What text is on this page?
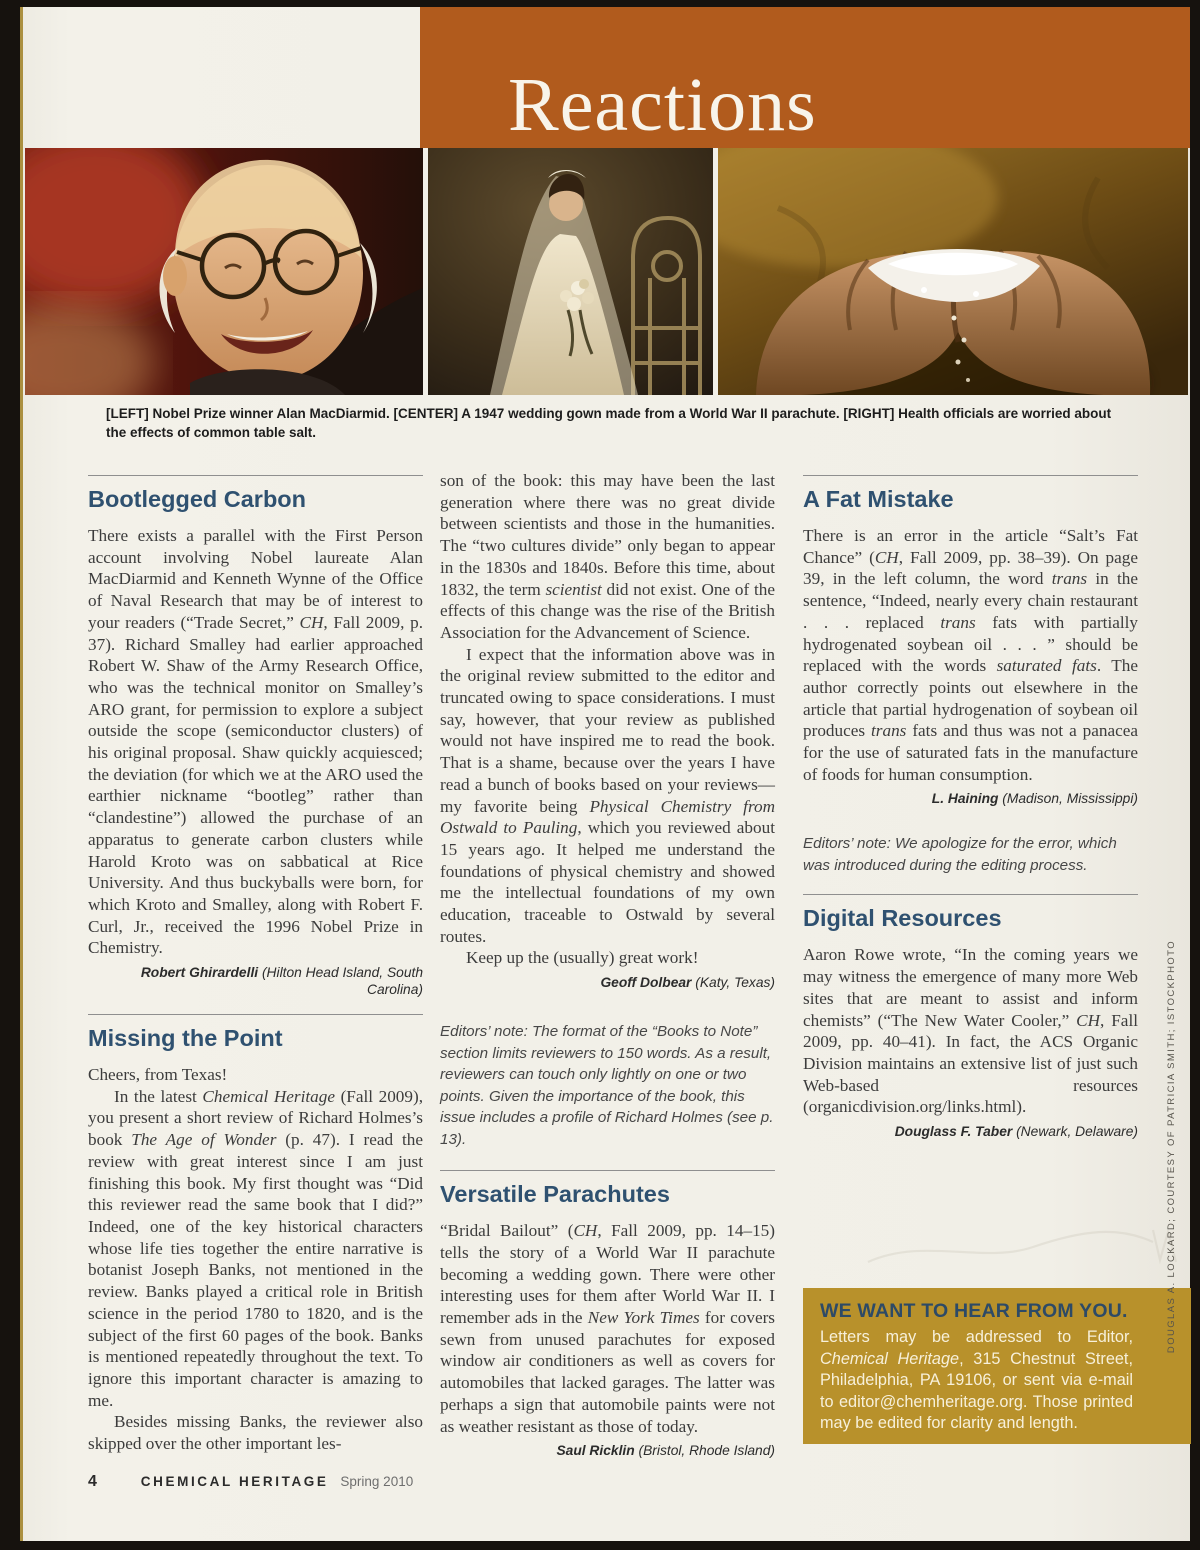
Reactions

[LEFT] Nobel Prize winner Alan MacDiarmid. [CENTER] A 1947 wedding gown made from a World War II parachute. [RIGHT] Health officials are worried about the effects of common table salt.

Bootlegged Carbon

There exists a parallel with the First Person account involving Nobel laureate Alan MacDiarmid and Kenneth Wynne of the Office of Naval Research that may be of interest to your readers (“Trade Secret,” CH, Fall 2009, p. 37). Richard Smalley had earlier approached Robert W. Shaw of the Army Research Office, who was the technical monitor on Smalley’s ARO grant, for permission to explore a subject outside the scope (semiconductor clusters) of his original proposal. Shaw quickly acquiesced; the deviation (for which we at the ARO used the earthier nickname “bootleg” rather than “clandestine”) allowed the purchase of an apparatus to generate carbon clusters while Harold Kroto was on sabbatical at Rice University. And thus buckyballs were born, for which Kroto and Smalley, along with Robert F. Curl, Jr., received the 1996 Nobel Prize in Chemistry.

Robert Ghirardelli (Hilton Head Island, South Carolina)
Missing the Point

Cheers, from Texas!

In the latest Chemical Heritage (Fall 2009), you present a short review of Richard Holmes’s book The Age of Wonder (p. 47). I read the review with great interest since I am just finishing this book. My first thought was “Did this reviewer read the same book that I did?” Indeed, one of the key historical characters whose life ties together the entire narrative is botanist Joseph Banks, not mentioned in the review. Banks played a critical role in British science in the period 1780 to 1820, and is the subject of the first 60 pages of the book. Banks is mentioned repeatedly throughout the text. To ignore this important character is amazing to me.

Besides missing Banks, the reviewer also skipped over the other important les-

son of the book: this may have been the last generation where there was no great divide between scientists and those in the humanities. The “two cultures divide” only began to appear in the 1830s and 1840s. Before this time, about 1832, the term scientist did not exist. One of the effects of this change was the rise of the British Association for the Advancement of Science.

I expect that the information above was in the original review submitted to the editor and truncated owing to space considerations. I must say, however, that your review as published would not have inspired me to read the book. That is a shame, because over the years I have read a bunch of books based on your reviews—my favorite being Physical Chemistry from Ostwald to Pauling, which you reviewed about 15 years ago. It helped me understand the foundations of physical chemistry and showed me the intellectual foundations of my own education, traceable to Ostwald by several routes.

Keep up the (usually) great work!

Geoff Dolbear (Katy, Texas)

Editors’ note: The format of the “Books to Note” section limits reviewers to 150 words. As a result, reviewers can touch only lightly on one or two points. Given the importance of the book, this issue includes a profile of Richard Holmes (see p. 13).

Versatile Parachutes

“Bridal Bailout” (CH, Fall 2009, pp. 14–15) tells the story of a World War II parachute becoming a wedding gown. There were other interesting uses for them after World War II. I remember ads in the New York Times for covers sewn from unused parachutes for exposed window air conditioners as well as covers for automobiles that lacked garages. The latter was perhaps a sign that automobile paints were not as weather resistant as those of today.

Saul Ricklin (Bristol, Rhode Island)
A Fat Mistake

There is an error in the article “Salt’s Fat Chance” (CH, Fall 2009, pp. 38–39). On page 39, in the left column, the word trans in the sentence, “Indeed, nearly every chain restaurant . . . replaced trans fats with partially hydrogenated soybean oil . . . ” should be replaced with the words saturated fats. The author correctly points out elsewhere in the article that partial hydrogenation of soybean oil produces trans fats and thus was not a panacea for the use of saturated fats in the manufacture of foods for human consumption.

L. Haining (Madison, Mississippi)

Editors’ note: We apologize for the error, which was introduced during the editing process.

Digital Resources

Aaron Rowe wrote, “In the coming years we may witness the emergence of many more Web sites that are meant to assist and inform chemists” (“The New Water Cooler,” CH, Fall 2009, pp. 40–41). In fact, the ACS Organic Division maintains an extensive list of just such Web-based resources (organicdivision.org/links.html).

Douglass F. Taber (Newark, Delaware)
WE WANT TO HEAR FROM YOU.
Letters may be addressed to Editor, Chemical Heritage, 315 Chestnut Street, Philadelphia, PA 19106, or sent via e-mail to editor@chemheritage.org. Those printed may be edited for clarity and length.

DOUGLAS A. LOCKARD; COURTESY OF PATRICIA SMITH; ISTOCKPHOTO

4	CHEMICAL HERITAGE Spring 2010
